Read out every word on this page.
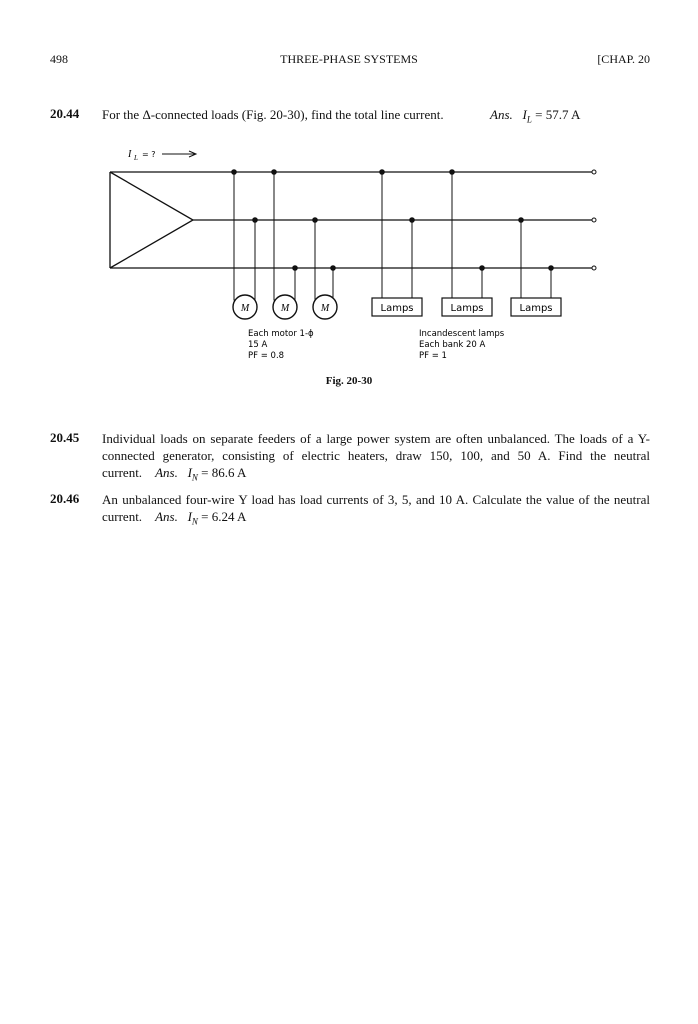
498	THREE-PHASE SYSTEMS	[CHAP. 20
20.44	For the Δ-connected loads (Fig. 20-30), find the total line current.	Ans. $I_L = 57.7$ A
I L = ?
M	M	M	Lamps	Lamps	Lamps
Each motor 1-ϕ
15 A
PF = 0.8
Incandescent lamps
Each bank 20 A
PF = 1
Fig. 20-30
20.45	Individual loads on separate feeders of a large power system are often unbalanced. The loads of a Y-connected generator, consisting of electric heaters, draw 150, 100, and 50 A. Find the neutral current. Ans. $I_N = 86.6$ A
20.46	An unbalanced four-wire Y load has load currents of 3, 5, and 10 A. Calculate the value of the neutral current. Ans. $I_N = 6.24$ A
